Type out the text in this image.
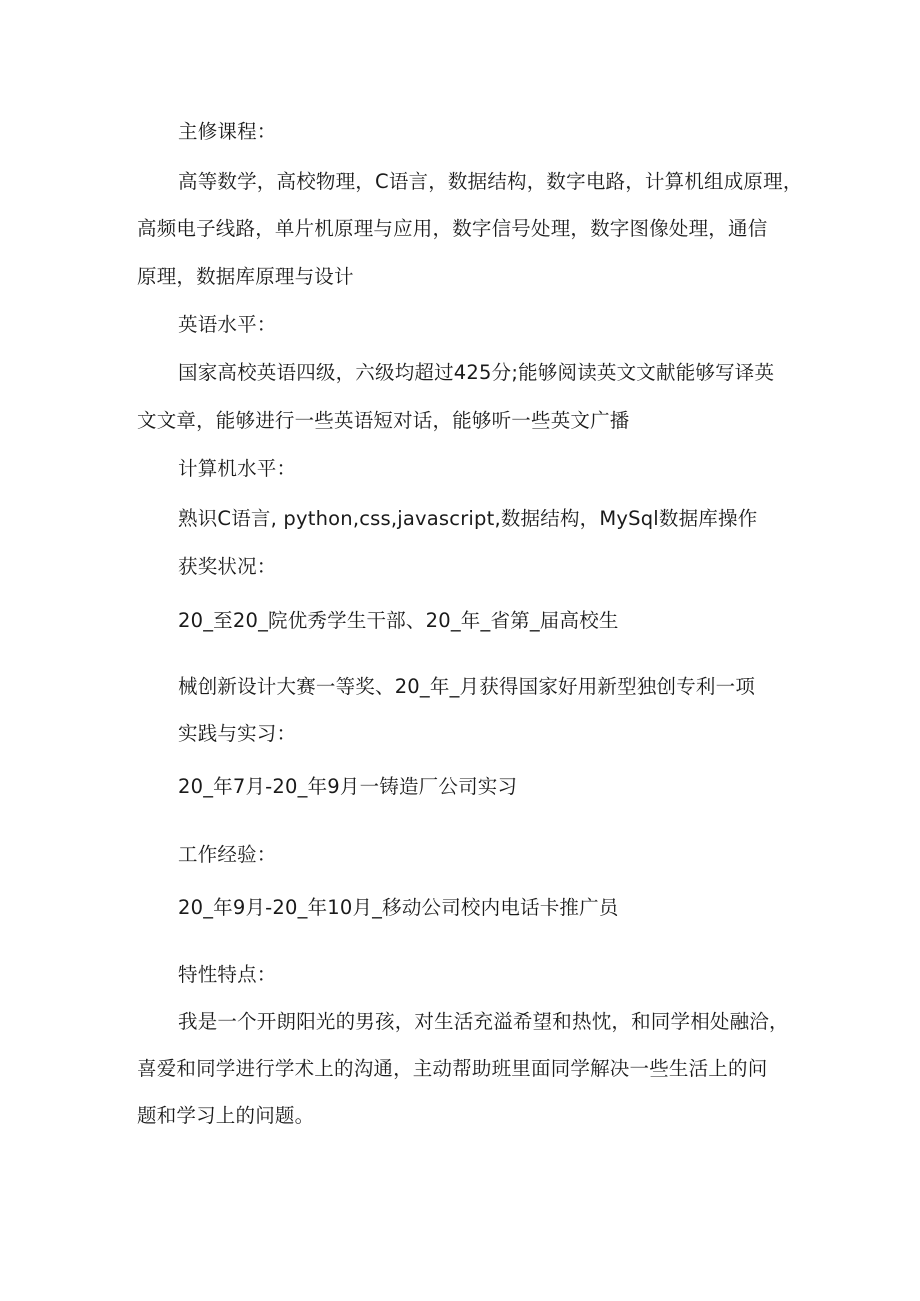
主修课程：
高等数学，高校物理，C语言，数据结构，数字电路，计算机组成原理，
高频电子线路，单片机原理与应用，数字信号处理，数字图像处理，通信
原理，数据库原理与设计
英语水平：
国家高校英语四级，六级均超过425分;能够阅读英文文献能够写译英
文文章，能够进行一些英语短对话，能够听一些英文广播
计算机水平：
熟识C语言, python,css,javascript,数据结构，MySql数据库操作
获奖状况：
20_至20_院优秀学生干部、20_年_省第_届高校生
械创新设计大赛一等奖、20_年_月获得国家好用新型独创专利一项
实践与实习：
20_年7月-20_年9月一铸造厂公司实习
工作经验：
20_年9月-20_年10月_移动公司校内电话卡推广员
特性特点：
我是一个开朗阳光的男孩，对生活充溢希望和热忱，和同学相处融洽，
喜爱和同学进行学术上的沟通，主动帮助班里面同学解决一些生活上的问
题和学习上的问题。
